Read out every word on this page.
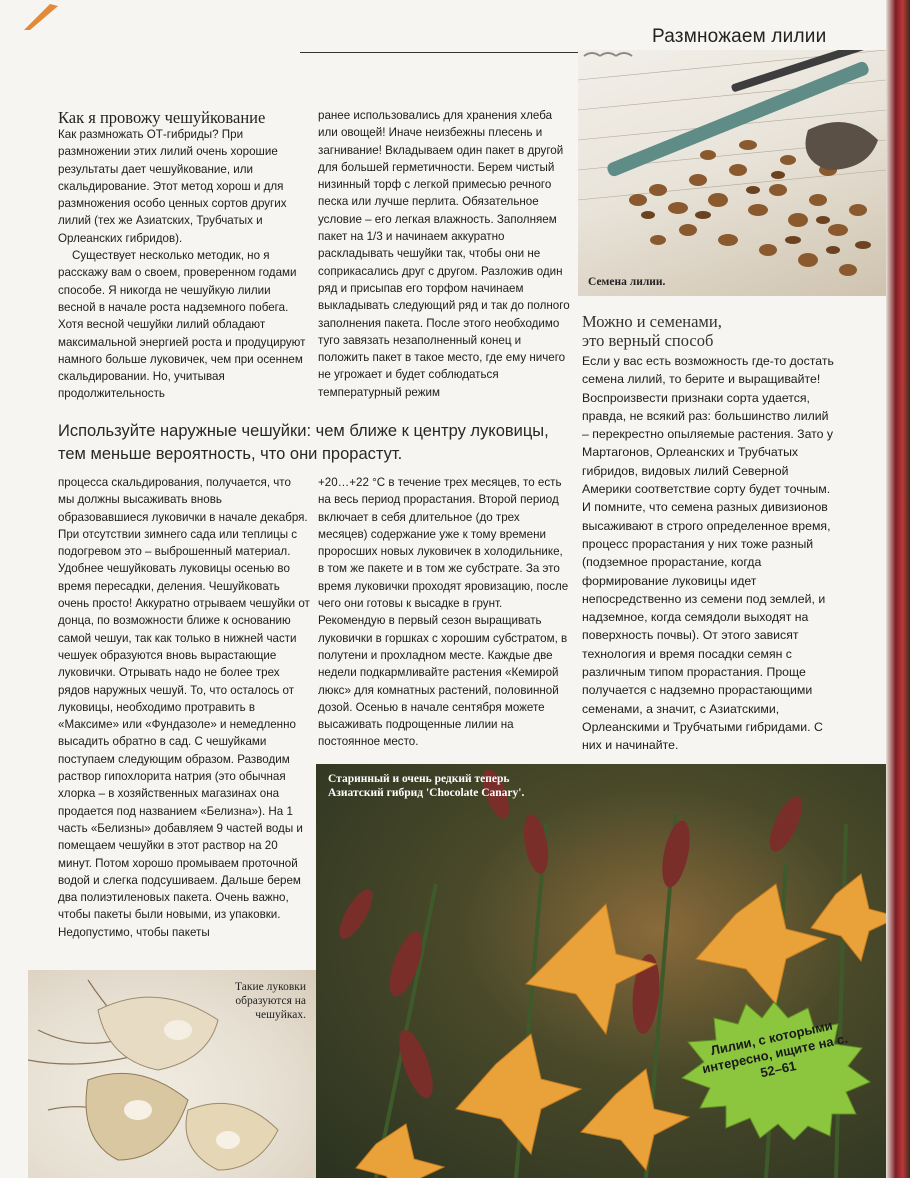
Размножаем лилии
Семена лилии.
Как я провожу чешуйкование

Как размножать ОТ-гибриды? При размножении этих лилий очень хорошие результаты дает чешуйкование, или скальдирование. Этот метод хорош и для размножения особо ценных сортов других лилий (тех же Азиатских, Трубчатых и Орлеанских гибридов).

Существует несколько методик, но я расскажу вам о своем, проверенном годами способе. Я никогда не чешуйкую лилии весной в начале роста надземного побега. Хотя весной чешуйки лилий обладают максимальной энергией роста и продуцируют намного больше луковичек, чем при осеннем скальдировании. Но, учитывая продолжительность

ранее использовались для хранения хлеба или овощей! Иначе неизбежны плесень и загнивание! Вкладываем один пакет в другой для большей герметичности. Берем чистый низинный торф с легкой примесью речного песка или лучше перлита. Обязательное условие – его легкая влажность. Заполняем пакет на 1/3 и начинаем аккуратно раскладывать чешуйки так, чтобы они не соприкасались друг с другом. Разложив один ряд и присыпав его торфом начинаем выкладывать следующий ряд и так до полного заполнения пакета. После этого необходимо туго завязать незаполненный конец и положить пакет в такое место, где ему ничего не угрожает и будет соблюдаться температурный режим

Используйте наружные чешуйки: чем ближе к центру луковицы, тем меньше вероятность, что они прорастут.

процесса скальдирования, получается, что мы должны высаживать вновь образовавшиеся луковички в начале декабря. При отсутствии зимнего сада или теплицы с подогревом это – выброшенный материал. Удобнее чешуйковать луковицы осенью во время пересадки, деления. Чешуйковать очень просто! Аккуратно отрываем чешуйки от донца, по возможности ближе к основанию самой чешуи, так как только в нижней части чешуек образуются вновь вырастающие луковички. Отрывать надо не более трех рядов наружных чешуй. То, что осталось от луковицы, необходимо протравить в «Максиме» или «Фундазоле» и немедленно высадить обратно в сад. С чешуйками поступаем следующим образом. Разводим раствор гипохлорита натрия (это обычная хлорка – в хозяйственных магазинах она продается под названием «Белизна»). На 1 часть «Белизны» добавляем 9 частей воды и помещаем чешуйки в этот раствор на 20 минут. Потом хорошо промываем проточной водой и слегка подсушиваем. Дальше берем два полиэтиленовых пакета. Очень важно, чтобы пакеты были новыми, из упаковки. Недопустимо, чтобы пакеты

+20…+22 °С в течение трех месяцев, то есть на весь период прорастания. Второй период включает в себя длительное (до трех месяцев) содержание уже к тому времени проросших новых луковичек в холодильнике, в том же пакете и в том же субстрате. За это время луковички проходят яровизацию, после чего они готовы к высадке в грунт. Рекомендую в первый сезон выращивать луковички в горшках с хорошим субстратом, в полутени и прохладном месте. Каждые две недели подкармливайте растения «Кемирой люкс» для комнатных растений, половинной дозой. Осенью в начале сентября можете высаживать подрощенные лилии на постоянное место.

Можно и семенами,
это верный способ

Если у вас есть возможность где-то достать семена лилий, то берите и выращивайте! Воспроизвести признаки сорта удается, правда, не всякий раз: большинство лилий – перекрестно опыляемые растения. Зато у Мартагонов, Орлеанских и Трубчатых гибридов, видовых лилий Северной Америки соответствие сорту будет точным. И помните, что семена разных дивизионов высаживают в строго определенное время, процесс прорастания у них тоже разный (подземное прорастание, когда формирование луковицы идет непосредственно из семени под землей, и надземное, когда семядоли выходят на поверхность почвы). От этого зависят технология и время посадки семян с различным типом прорастания. Проще получается с надземно прорастающими семенами, а значит, с Азиатскими, Орлеанскими и Трубчатыми гибридами. С них и начинайте.

Такие луковки образуются на чешуйках.
Старинный и очень редкий теперь Азиатский гибрид 'Chocolate Canary'.
Лилии, с которыми интересно, ищите на с. 52–61
